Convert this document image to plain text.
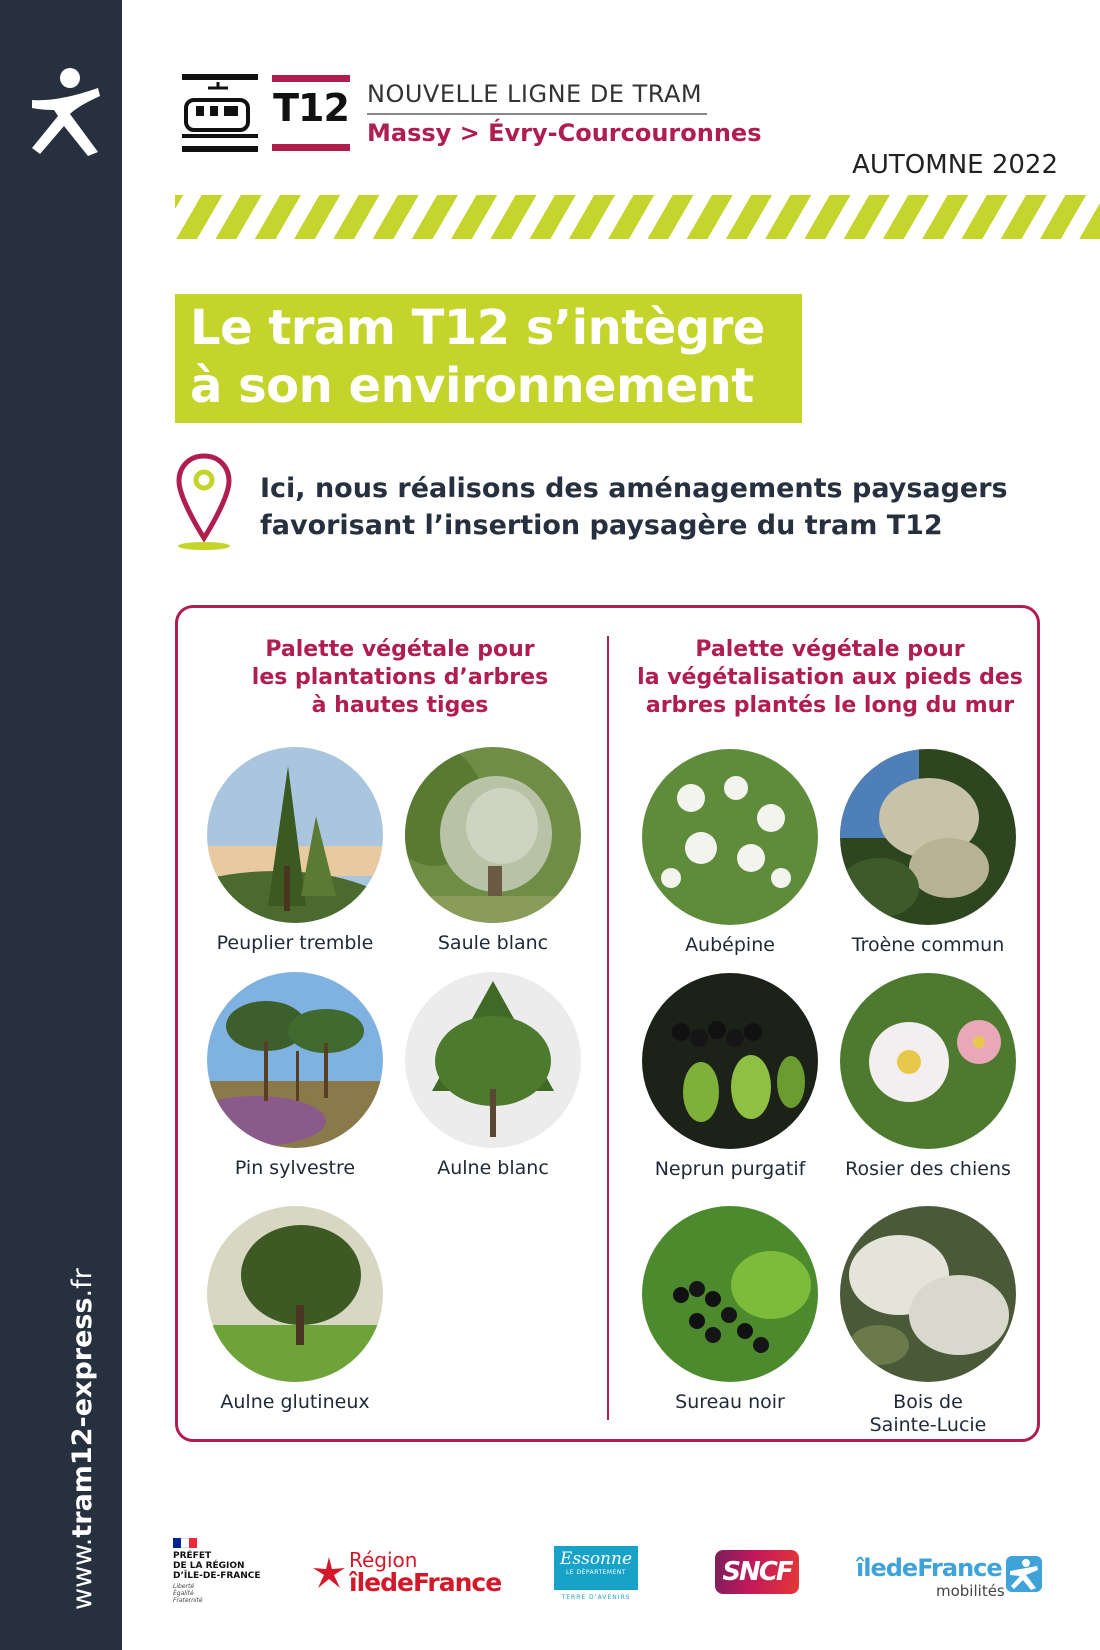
www.tram12-express.fr
T12 NOUVELLE LIGNE DE TRAM
Massy > Évry-Courcouronnes
AUTOMNE 2022
Le tram T12 s’intègre
à son environnement
Ici, nous réalisons des aménagements paysagers
favorisant l’insertion paysagère du tram T12
Palette végétale pour
les plantations d’arbres
à hautes tiges
Palette végétale pour
la végétalisation aux pieds des
arbres plantés le long du mur
Peuplier tremble	Saule blanc
Pin sylvestre	Aulne blanc
Aulne glutineux
Aubépine	Troène commun
Neprun purgatif	Rosier des chiens
Sureau noir	Bois de
Sainte-Lucie
PRÉFET
DE LA RÉGION
D’ÎLE-DE-FRANCE
Liberté
Égalité
Fraternité
Région
îledeFrance
Essonne
LE DÉPARTEMENT
TERRE D’AVENIRS
SNCF	îledeFrance
mobilités
